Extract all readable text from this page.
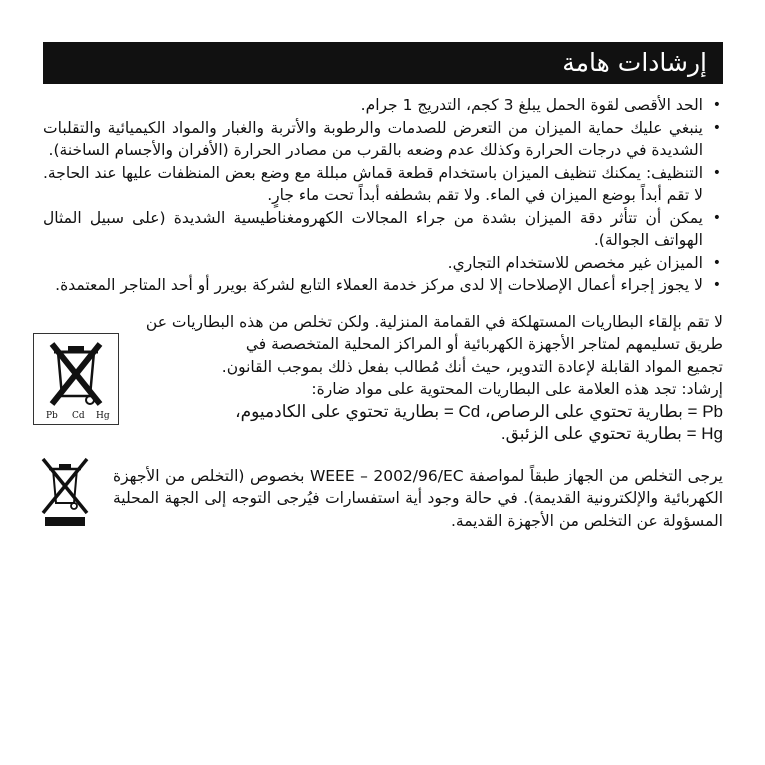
إرشادات هامة
• الحد الأقصى لقوة الحمل يبلغ 3 كجم، التدريج 1 جرام.
• ينبغي عليك حماية الميزان من التعرض للصدمات والرطوبة والأتربة والغبار والمواد الكيميائية والتقلبات الشديدة في درجات الحرارة وكذلك عدم وضعه بالقرب من مصادر الحرارة (الأفران والأجسام الساخنة).
• التنظيف: يمكنك تنظيف الميزان باستخدام قطعة قماش مبللة مع وضع بعض المنظفات عليها عند الحاجة. لا تقم أبداً بوضع الميزان في الماء. ولا تقم بشطفه أبداً تحت ماء جارٍ.
• يمكن أن تتأثر دقة الميزان بشدة من جراء المجالات الكهرومغناطيسية الشديدة (على سبيل المثال الهواتف الجوالة).
• الميزان غير مخصص للاستخدام التجاري.
• لا يجوز إجراء أعمال الإصلاحات إلا لدى مركز خدمة العملاء التابع لشركة بويرر أو أحد المتاجر المعتمدة.
لا تقم بإلقاء البطاريات المستهلكة في القمامة المنزلية. ولكن تخلص من هذه البطاريات عن
طريق تسليمهم لمتاجر الأجهزة الكهربائية أو المراكز المحلية المتخصصة في
تجميع المواد القابلة لإعادة التدوير، حيث أنك مُطالب بفعل ذلك بموجب القانون.
إرشاد: تجد هذه العلامة على البطاريات المحتوية على مواد ضارة:
Pb = بطارية تحتوي على الرصاص، Cd = بطارية تحتوي على الكادميوم،
Hg = بطارية تحتوي على الزئبق.
Pb Cd Hg
يرجى التخلص من الجهاز طبقاً لمواصفة WEEE – 2002/96/EC بخصوص (التخلص من الأجهزة الكهربائية والإلكترونية القديمة). في حالة وجود أية استفسارات فيُرجى التوجه إلى الجهة المحلية المسؤولة عن التخلص من الأجهزة القديمة.
